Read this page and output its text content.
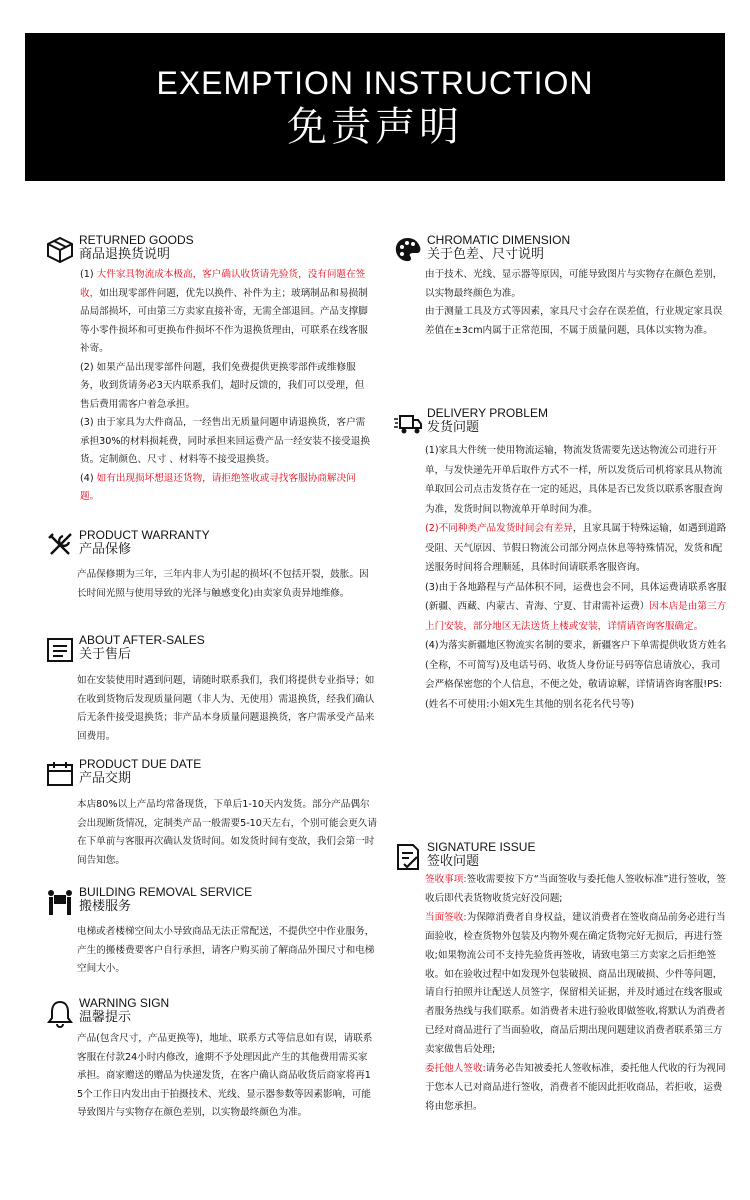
EXEMPTION INSTRUCTION
免责声明
RETURNED GOODS
商品退换货说明

(1) 大件家具物流成本极高，客户确认收货请先验货，没有问题在签收，如出现零部件问题，优先以换件、补件为主；玻璃制品和易损制品局部损坏，可由第三方卖家直接补寄，无需全部退回。产品支撑脚等小零件损坏和可更换布件损坏不作为退换货理由，可联系在线客服补寄。

(2) 如果产品出现零部件问题，我们免费提供更换零部件或维修服务，收到货请务必3天内联系我们，超时反馈的，我们可以受理，但售后费用需客户着急承担。

(3) 由于家具为大件商品，一经售出无质量问题申请退换货，客户需承担30%的材料损耗费，同时承担来回运费产品一经安装不接受退换货。定制颜色、尺寸 、材料等不接受退换货。

(4) 如有出现损坏想退还货物，请拒绝签收或寻找客服协商解决问题。

PRODUCT WARRANTY
产品保修
产品保修期为三年，三年内非人为引起的损坏(不包括开裂，鼓胀。因长时间光照与使用导致的光泽与触感变化)由卖家负责异地维修。
ABOUT AFTER-SALES
关于售后
如在安装使用时遇到问题，请随时联系我们，我们将提供专业指导；如在收到货物后发现质量问题（非人为、无使用）需退换货，经我们确认后无条件接受退换货；非产品本身质量问题退换货，客户需承受产品来回费用。
PRODUCT DUE DATE
产品交期
本店80%以上产品均常备现货，下单后1-10天内发货。部分产品偶尔会出现断货情况，定制类产品一般需要5-10天左右，个别可能会更久请在下单前与客服再次确认发货时间。如发货时间有变故，我们会第一时间告知您。
BUILDING REMOVAL SERVICE
搬楼服务
电梯或者楼梯空间太小导致商品无法正常配送，不提供空中作业服务，产生的搬楼费要客户自行承担，请客户购买前了解商品外围尺寸和电梯空间大小。
WARNING SIGN
温馨提示
产品(包含尺寸，产品更换等)，地址、联系方式等信息如有误，请联系客服在付款24小时内修改，逾期不予处理因此产生的其他费用需买家承担。商家赠送的赠品为快递发货，在客户确认商品收货后商家将再15个工作日内发出由于拍摄技术、光线、显示器参数等因素影响，可能导致图片与实物存在颜色差别，以实物最终颜色为准。
CHROMATIC DIMENSION
关于色差、尺寸说明

由于技术、光线、显示器等原因，可能导致图片与实物存在颜色差别，以实物最终颜色为准。

由于测量工具及方式等因素，家具尺寸会存在误差值，行业规定家具误差值在±3cm内属于正常范围，不属于质量问题，具体以实物为准。

DELIVERY PROBLEM
发货问题

(1)家具大件统一使用物流运输，物流发货需要先送达物流公司进行开单，与发快递先开单后取件方式不一样，所以发货后司机将家具从物流单取回公司点击发货存在一定的延迟，具体是否已发货以联系客服查询为准，发货时间以物流单开单时间为准。

(2)不同种类产品发货时间会有差异，且家具属于特殊运输，如遇到道路受阻、天气原因、节假日物流公司部分网点休息等特殊情况，发货和配送服务时间将合理顺延，具体时间请联系客服咨询。

(3)由于各地路程与产品体积不同，运费也会不同，具体运费请联系客服(新疆、西藏、内蒙古、青海、宁夏、甘肃需补运费）因本店是由第三方上门安装，部分地区无法送货上楼或安装，详情请咨询客服确定。

(4)为落实新疆地区物流实名制的要求，新疆客户下单需提供收货方姓名(全称，不可简写)及电话号码、收货人身份证号码等信息请放心，我司会严格保密您的个人信息，不便之处，敬请谅解，详情请咨询客服!PS:(姓名不可使用:小姐X先生其他的别名花名代号等)

SIGNATURE ISSUE
签收问题

签收事项:签收需要按下方“当面签收与委托他人签收标准”进行签收，签收后即代表货物收货完好没问题;

当面签收:为保障消费者自身权益，建议消费者在签收商品前务必进行当面验收，检查货物外包装及内物外观在确定货物完好无损后，再进行签收;如果物流公司不支持先验货再签收，请致电第三方卖家之后拒绝签收。如在验收过程中如发现外包装破损、商品出现破损、少件等问题，请自行拍照并让配送人员签字，保留相关证据，并及时通过在线客服或者服务热线与我们联系。如消费者未进行验收即做签收,将默认为消费者已经对商品进行了当面验收，商品后期出现问题建议消费者联系第三方卖家做售后处理;

委托他人签收:请务必告知被委托人签收标准，委托他人代收的行为视同于您本人已对商品进行签收，消费者不能因此拒收商品，若拒收，运费将由您承担。
